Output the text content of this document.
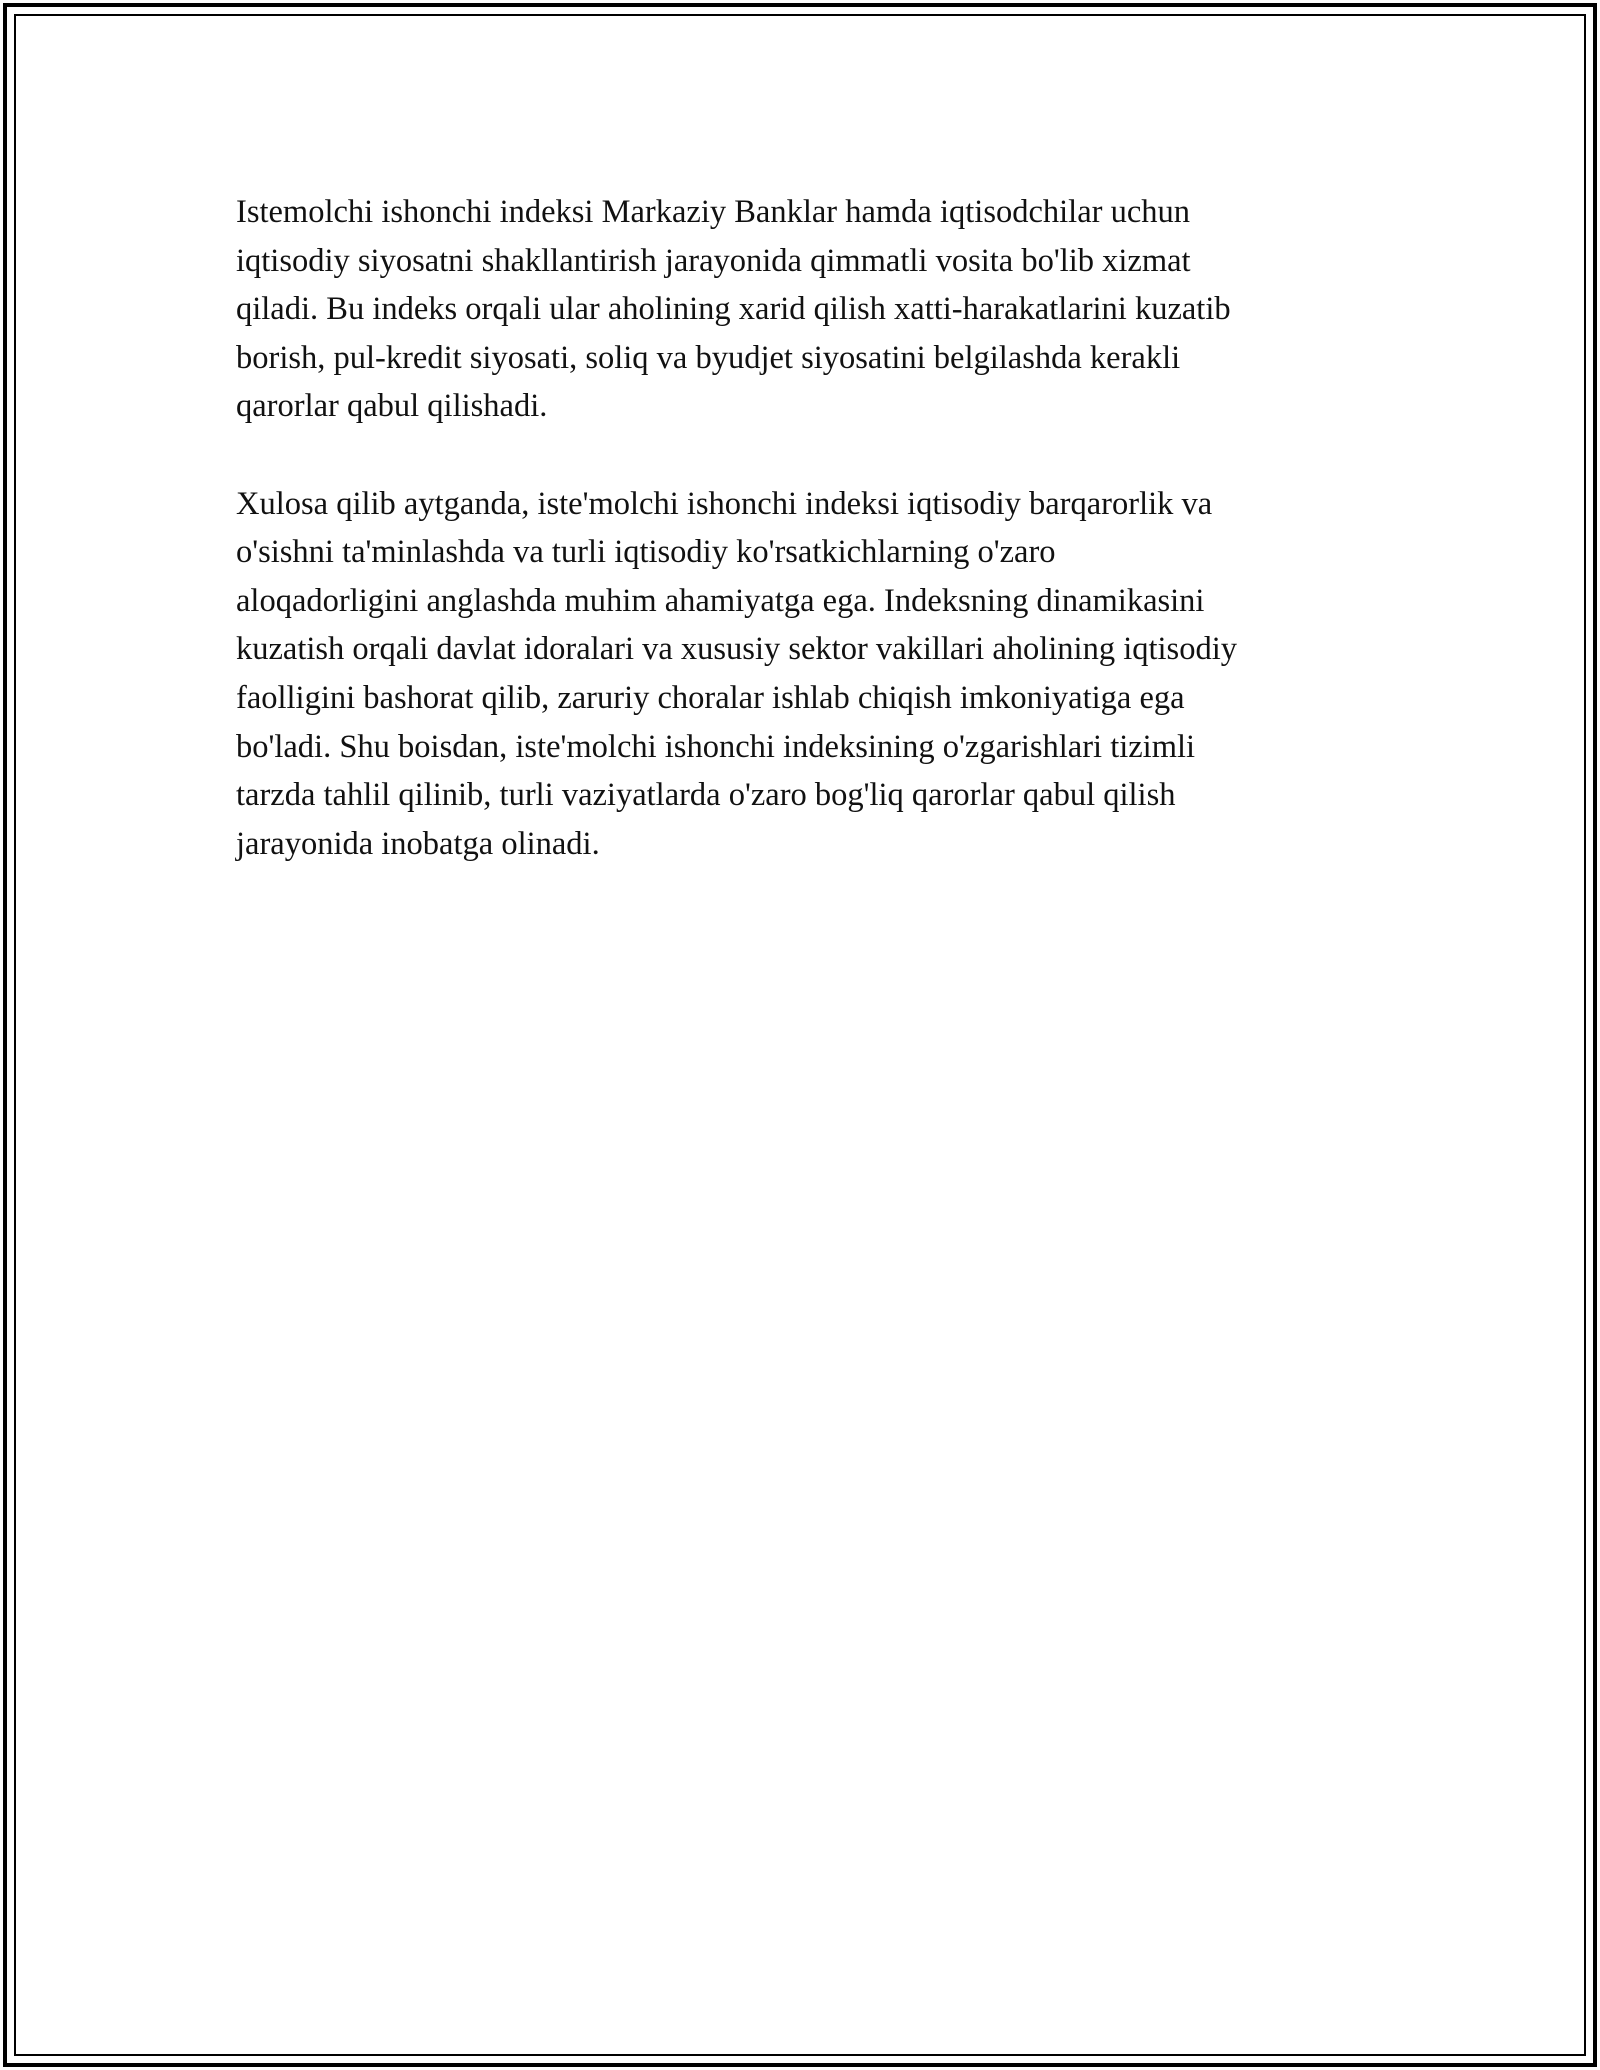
Istemolchi ishonchi indeksi Markaziy Banklar hamda iqtisodchilar uchun
iqtisodiy siyosatni shakllantirish jarayonida qimmatli vosita bo'lib xizmat
qiladi. Bu indeks orqali ular aholining xarid qilish xatti-harakatlarini kuzatib
borish, pul-kredit siyosati, soliq va byudjet siyosatini belgilashda kerakli
qarorlar qabul qilishadi.

Xulosa qilib aytganda, iste'molchi ishonchi indeksi iqtisodiy barqarorlik va
o'sishni ta'minlashda va turli iqtisodiy ko'rsatkichlarning o'zaro
aloqadorligini anglashda muhim ahamiyatga ega. Indeksning dinamikasini
kuzatish orqali davlat idoralari va xususiy sektor vakillari aholining iqtisodiy
faolligini bashorat qilib, zaruriy choralar ishlab chiqish imkoniyatiga ega
bo'ladi. Shu boisdan, iste'molchi ishonchi indeksining o'zgarishlari tizimli
tarzda tahlil qilinib, turli vaziyatlarda o'zaro bog'liq qarorlar qabul qilish
jarayonida inobatga olinadi.
